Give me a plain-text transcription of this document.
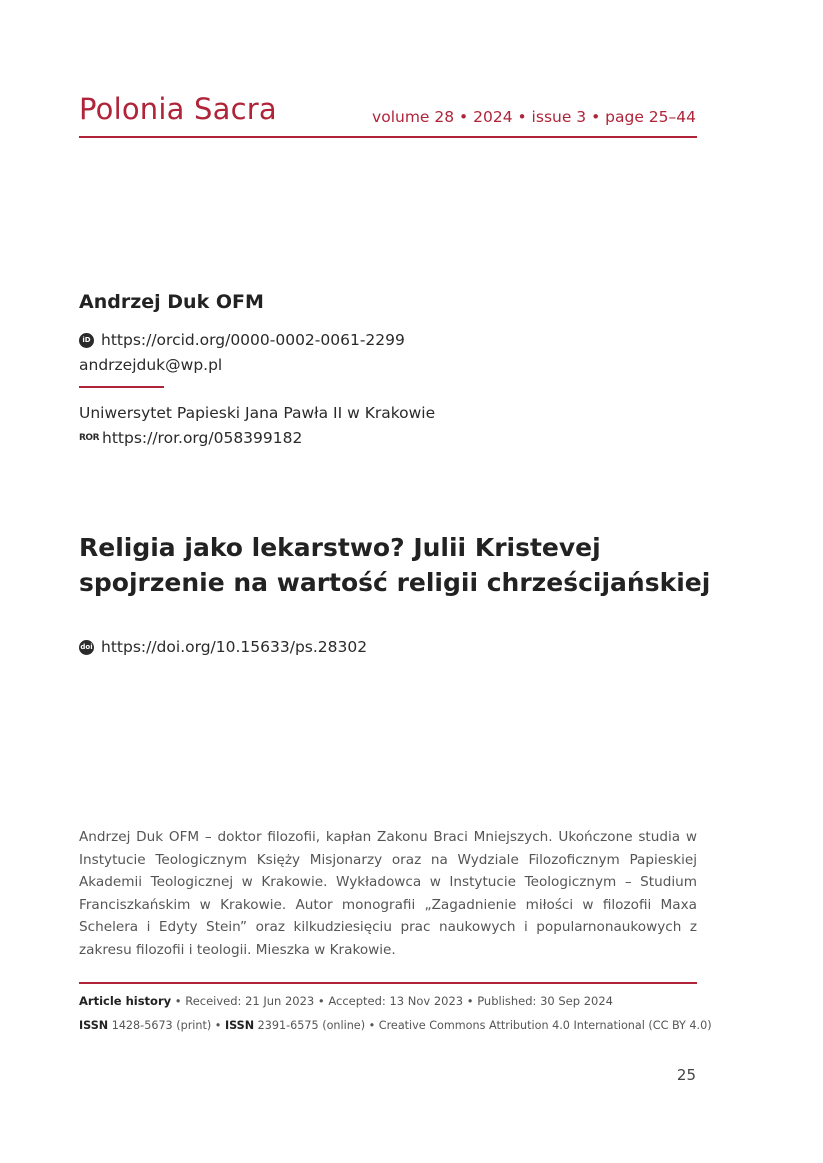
Polonia Sacra	volume 28 • 2024 • issue 3 • page 25–44
Andrzej Duk OFM
iD https://orcid.org/0000-0002-0061-2299
andrzejduk@wp.pl
Uniwersytet Papieski Jana Pawła II w Krakowie
ROR https://ror.org/058399182
Religia jako lekarstwo? Julii Kristevej
spojrzenie na wartość religii chrześcijańskiej
doi https://doi.org/10.15633/ps.28302
Andrzej Duk OFM – doktor filozofii, kapłan Zakonu Braci Mniejszych. Ukończone studia w Instytucie Teologicznym Księży Misjonarzy oraz na Wydziale Filozoficznym Papieskiej Akademii Teologicznej w Krakowie. Wykładowca w Instytucie Teologicznym – Studium Franciszkańskim w Krakowie. Autor monografii „Zagadnienie miłości w filozofii Maxa Schelera i Edyty Stein” oraz kilkudziesięciu prac naukowych i popularnonaukowych z zakresu filozofii i teologii. Mieszka w Krakowie.
Article history • Received: 21 Jun 2023 • Accepted: 13 Nov 2023 • Published: 30 Sep 2024
ISSN 1428-5673 (print) • ISSN 2391-6575 (online) • Creative Commons Attribution 4.0 International (CC BY 4.0)
25
